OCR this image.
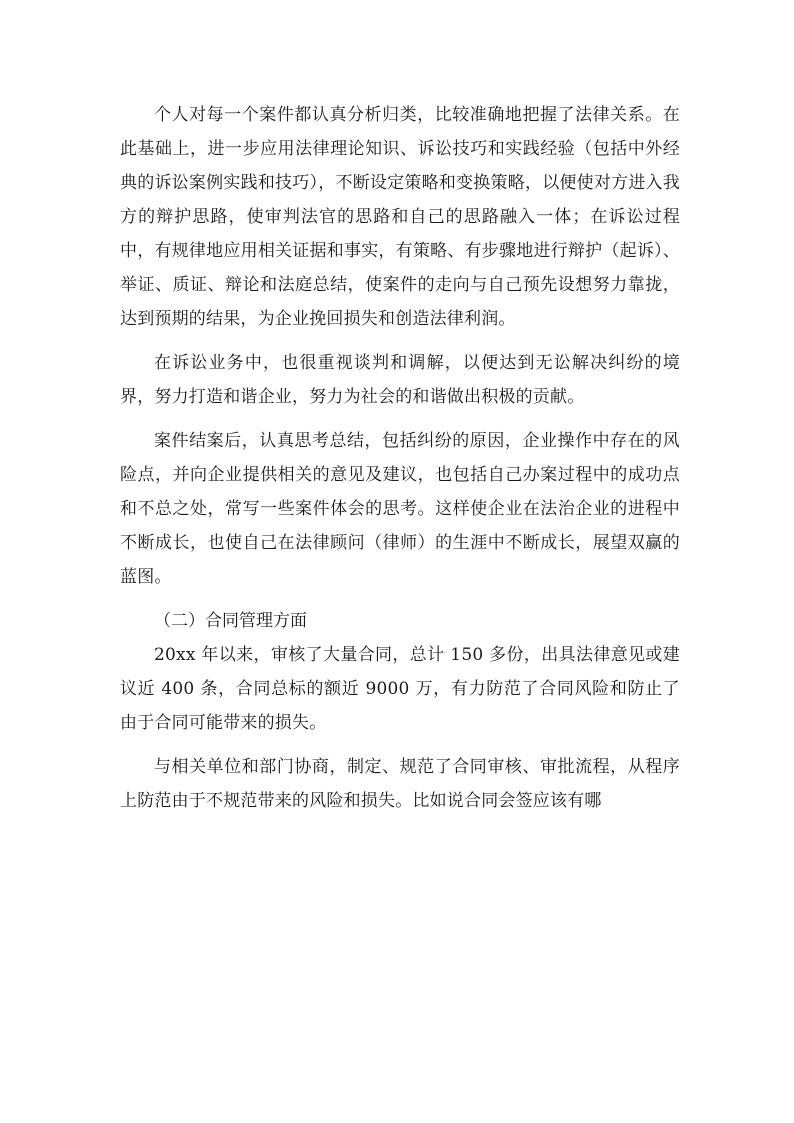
个人对每一个案件都认真分析归类，比较准确地把握了法律关系。在此基础上，进一步应用法律理论知识、诉讼技巧和实践经验（包括中外经典的诉讼案例实践和技巧），不断设定策略和变换策略，以便使对方进入我方的辩护思路，使审判法官的思路和自己的思路融入一体；在诉讼过程中，有规律地应用相关证据和事实，有策略、有步骤地进行辩护（起诉）、举证、质证、辩论和法庭总结，使案件的走向与自己预先设想努力靠拢，达到预期的结果，为企业挽回损失和创造法律利润。

在诉讼业务中，也很重视谈判和调解，以便达到无讼解决纠纷的境界，努力打造和谐企业，努力为社会的和谐做出积极的贡献。

案件结案后，认真思考总结，包括纠纷的原因，企业操作中存在的风险点，并向企业提供相关的意见及建议，也包括自己办案过程中的成功点和不总之处，常写一些案件体会的思考。这样使企业在法治企业的进程中不断成长，也使自己在法律顾问（律师）的生涯中不断成长，展望双赢的蓝图。

（二）合同管理方面

20xx 年以来，审核了大量合同，总计 150 多份，出具法律意见或建议近 400 条，合同总标的额近 9000 万，有力防范了合同风险和防止了由于合同可能带来的损失。

与相关单位和部门协商，制定、规范了合同审核、审批流程，从程序上防范由于不规范带来的风险和损失。比如说合同会签应该有哪
